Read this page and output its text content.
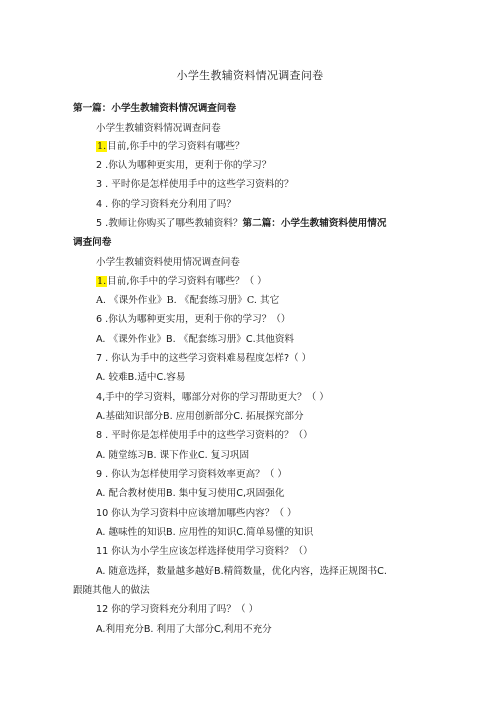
小学生教辅资料情况调查问卷
第一篇：小学生教辅资料情况调查问卷
小学生教辅资料情况调查问卷
1.目前,你手中的学习资料有哪些？
2 .你认为哪种更实用，更利于你的学习？
3 . 平时你是怎样使用手中的这些学习资料的？
4 . 你的学习资料充分利用了吗？
5 .教师让你购买了哪些教辅资料？第二篇：小学生教辅资料使用情况
调查问卷
小学生教辅资料使用情况调查问卷
1.目前,你手中的学习资料有哪些？（ ）
A. 《课外作业》B. 《配套练习册》C. 其它
6 .你认为哪种更实用，更利于你的学习？（）
A. 《课外作业》B. 《配套练习册》C.其他资料
7 . 你认为手中的这些学习资料难易程度怎样?（ ）
A. 较难B.适中C.容易
4,手中的学习资料，哪部分对你的学习帮助更大？（ ）
A.基础知识部分B. 应用创新部分C. 拓展探究部分
8 . 平时你是怎样使用手中的这些学习资料的？（）
A. 随堂练习B. 课下作业C. 复习巩固
9 . 你认为怎样使用学习资料效率更高？（ ）
A. 配合教材使用B. 集中复习使用C,巩固强化
10 你认为学习资料中应该增加哪些内容？（ ）
A. 趣味性的知识B. 应用性的知识C.简单易懂的知识
11 你认为小学生应该怎样选择使用学习资料？（）
A. 随意选择，数量越多越好B.精简数量，优化内容，选择正规图书C.
跟随其他人的做法
12 你的学习资料充分利用了吗？（ ）
A.利用充分B. 利用了大部分C,利用不充分
